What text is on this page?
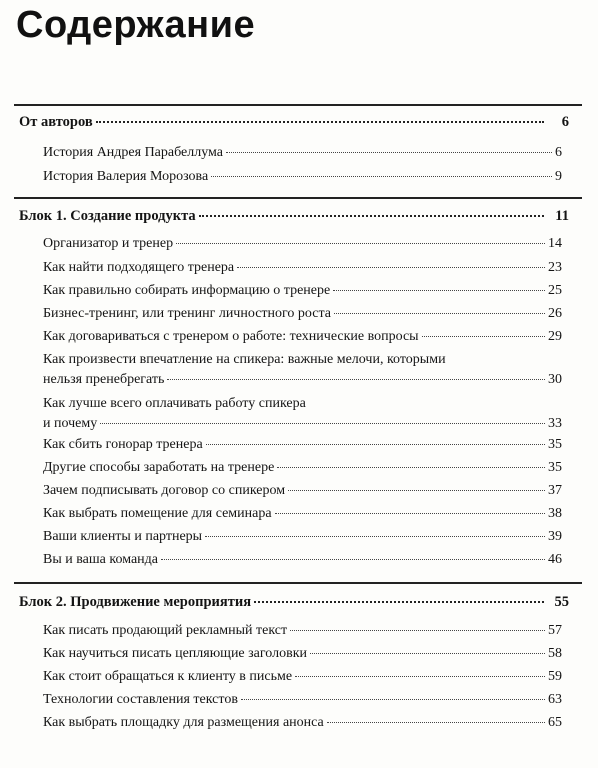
Содержание
От авторов	6
История Андрея Парабеллума	6
История Валерия Морозова	9
Блок 1. Создание продукта	11
Организатор и тренер	14
Как найти подходящего тренера	23
Как правильно собирать информацию о тренере	25
Бизнес-тренинг, или тренинг личностного роста	26
Как договариваться с тренером о работе: технические вопросы	29
Как произвести впечатление на спикера: важные мелочи, которыми
нельзя пренебрегать	30
Как лучше всего оплачивать работу спикера
и почему	33
Как сбить гонорар тренера	35
Другие способы заработать на тренере	35
Зачем подписывать договор со спикером	37
Как выбрать помещение для семинара	38
Ваши клиенты и партнеры	39
Вы и ваша команда	46
Блок 2. Продвижение мероприятия	55
Как писать продающий рекламный текст	57
Как научиться писать цепляющие заголовки	58
Как стоит обращаться к клиенту в письме	59
Технологии составления текстов	63
Как выбрать площадку для размещения анонса	65
